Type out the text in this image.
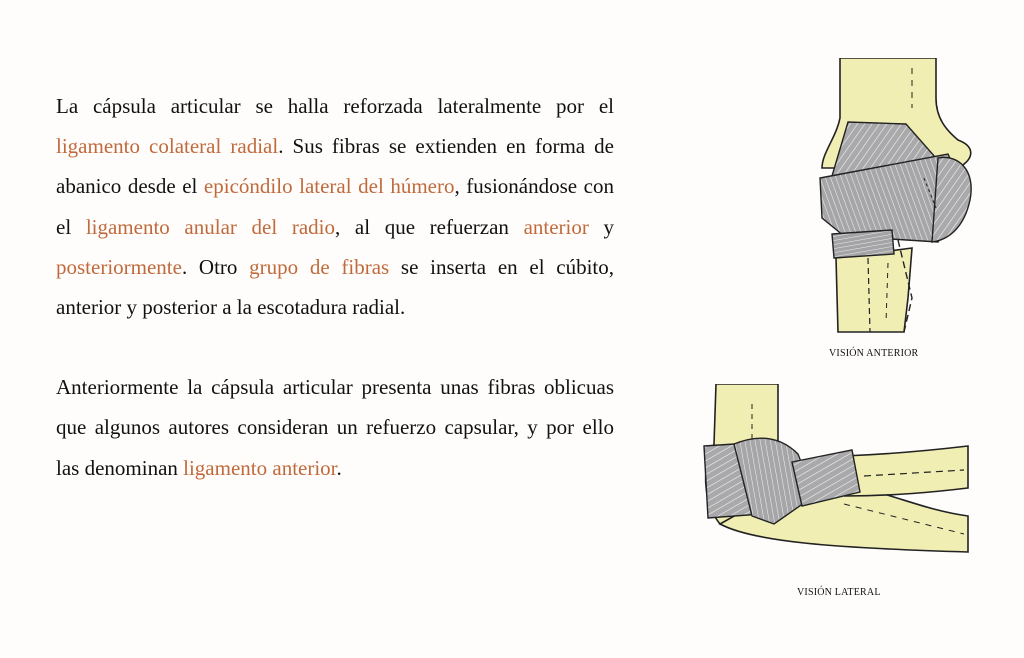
La cápsula articular se halla reforzada lateralmente por el ligamento colateral radial. Sus fibras se extienden en forma de abanico desde el epicóndilo lateral del húmero, fusionándose con el ligamento anular del radio, al que refuerzan anterior y posteriormente. Otro grupo de fibras se inserta en el cúbito, anterior y posterior a la escotadura radial.

Anteriormente la cápsula articular presenta unas fibras oblicuas que algunos autores consideran un refuerzo capsular, y por ello las denominan ligamento anterior.

VISIÓN ANTERIOR
VISIÓN LATERAL
